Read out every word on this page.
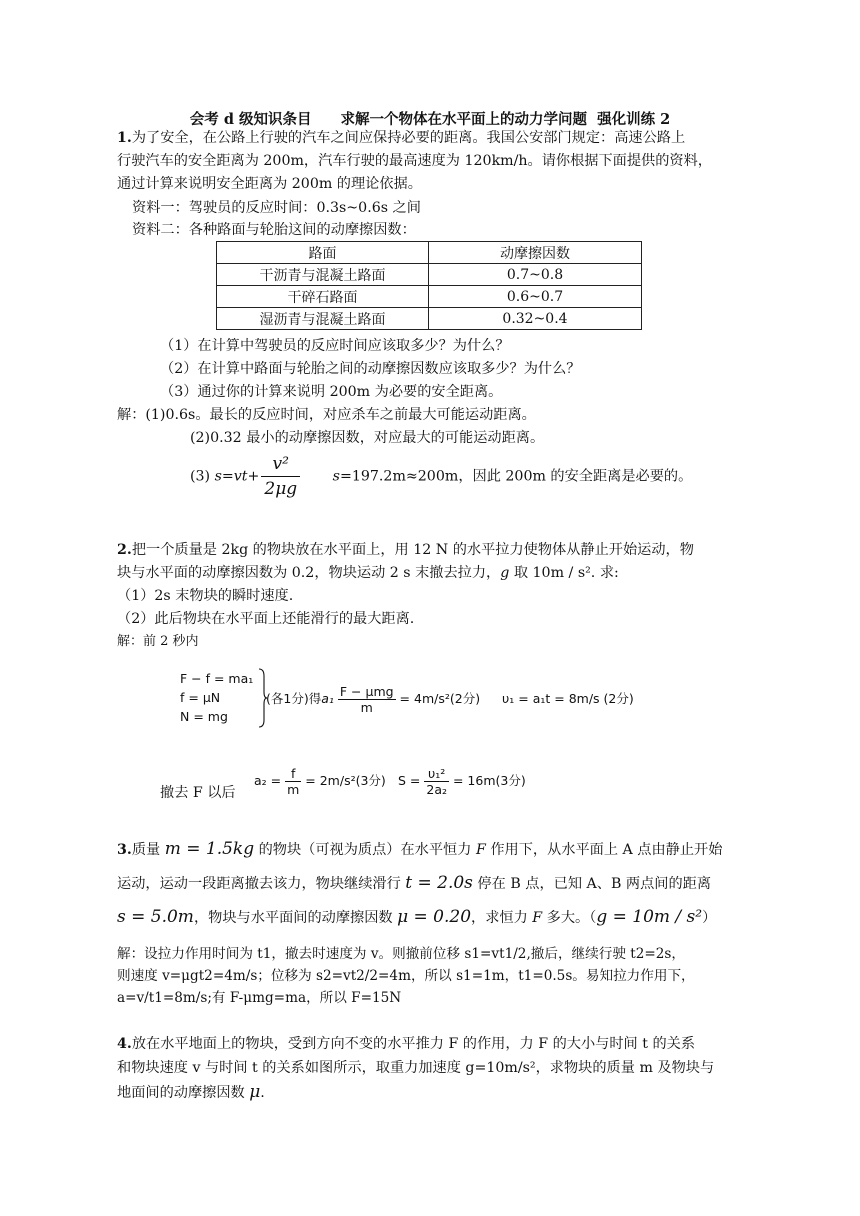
会考 d 级知识条目　　求解一个物体在水平面上的动力学问题  强化训练 2
1.为了安全，在公路上行驶的汽车之间应保持必要的距离。我国公安部门规定：高速公路上
行驶汽车的安全距离为 200m，汽车行驶的最高速度为 120km/h。请你根据下面提供的资料，
通过计算来说明安全距离为 200m 的理论依据。
资料一：驾驶员的反应时间：0.3s~0.6s 之间
资料二：各种路面与轮胎这间的动摩擦因数：
路面	动摩擦因数
干沥青与混凝土路面	0.7~0.8
干碎石路面	0.6~0.7
湿沥青与混凝土路面	0.32~0.4
（1）在计算中驾驶员的反应时间应该取多少？为什么？
（2）在计算中路面与轮胎之间的动摩擦因数应该取多少？为什么？
（3）通过你的计算来说明 200m 为必要的安全距离。
解：(1)0.6s。最长的反应时间，对应杀车之前最大可能运动距离。
(2)0.32 最小的动摩擦因数，对应最大的可能运动距离。
(3) $s=vt+ \frac{\text{v²}}{2\mu g} s=197.2m\approx 200m$，因此 200m 的安全距离是必要的。
2.把一个质量是 2kg 的物块放在水平面上，用 12 N 的水平拉力使物体从静止开始运动，物
块与水平面的动摩擦因数为 0.2，物块运动 2 s 末撤去拉力，g 取 10m / s². 求:
（1）2s 末物块的瞬时速度.
（2）此后物块在水平面上还能滑行的最大距离.
解：前 2 秒内
F − f = ma₁
f = μN
N = mg
(各1分)得$a_1 \frac{\text{F − μmg}}{m} = 4m/s^2(2$分) υ₁ = a₁t = 8m/s (2分)
撤去 F 以后
$a_2 = \frac{f}{m} = 2m/s^2(3$分) $S = \frac{\text{υ₁²}}{\text{2a₂}} = 16m(3$分)
3.质量 m = 1.5kg 的物块（可视为质点）在水平恒力 F 作用下，从水平面上 A 点由静止开始
运动，运动一段距离撤去该力，物块继续滑行 t = 2.0s 停在 B 点，已知 A、B 两点间的距离
s = 5.0m，物块与水平面间的动摩擦因数 μ = 0.20，求恒力 F 多大。（g = 10m / s²）
解：设拉力作用时间为 t1，撤去时速度为 v。则撤前位移 s1=vt1/2,撤后，继续行驶 t2=2s，
则速度 v=μgt2=4m/s；位移为 s2=vt2/2=4m，所以 s1=1m，t1=0.5s。易知拉力作用下，
a=v/t1=8m/s;有 F-μmg=ma，所以 F=15N
4.放在水平地面上的物块，受到方向不变的水平推力 F 的作用，力 F 的大小与时间 t 的关系
和物块速度 v 与时间 t 的关系如图所示，取重力加速度 g=10m/s²，求物块的质量 m 及物块与
地面间的动摩擦因数 μ.
